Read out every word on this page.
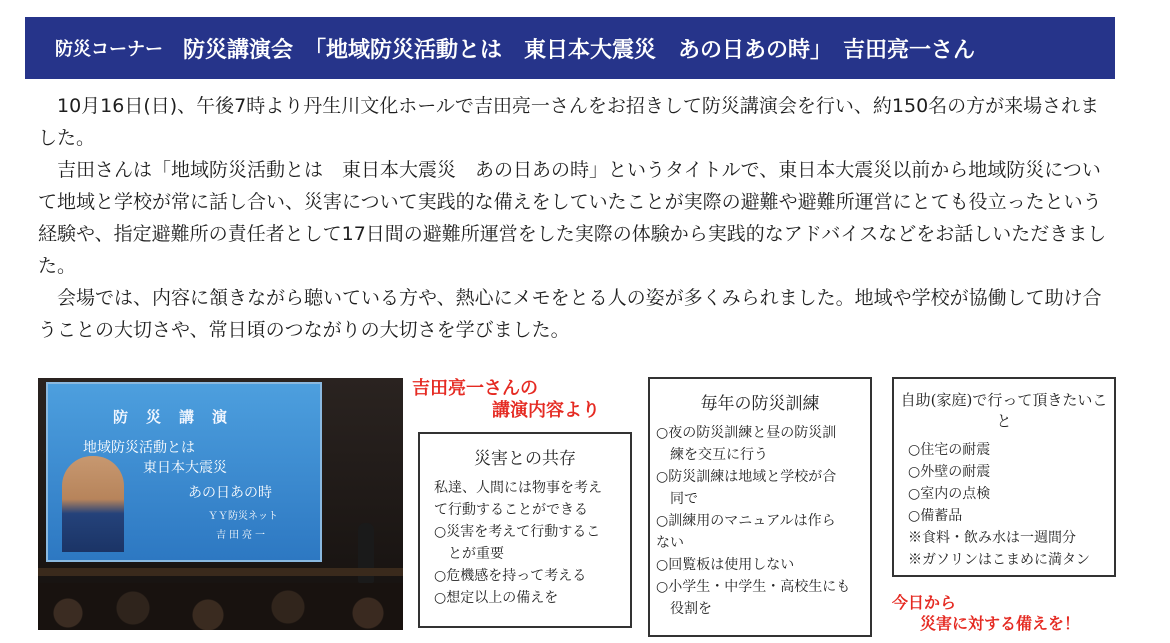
防災コーナー 防災講演会　「地域防災活動とは　東日本大震災　あの日あの時」　吉田亮一さん

10月16日(日)、午後7時より丹生川文化ホールで吉田亮一さんをお招きして防災講演会を行い、約150名の方が来場されました。

吉田さんは「地域防災活動とは　東日本大震災　あの日あの時」というタイトルで、東日本大震災以前から地域防災について地域と学校が常に話し合い、災害について実践的な備えをしていたことが実際の避難や避難所運営にとても役立ったという経験や、指定避難所の責任者として17日間の避難所運営をした実際の体験から実践的なアドバイスなどをお話しいただきました。

会場では、内容に頷きながら聴いている方や、熱心にメモをとる人の姿が多くみられました。地域や学校が協働して助け合うことの大切さや、常日頃のつながりの大切さを学びました。

防災講演
地域防災活動とは
東日本大震災
あの日あの時
ＹＹ防災ネット
吉田亮一
吉田亮一さんの
講演内容より
災害との共存
私達、人間には物事を考え
て行動することができる
○災害を考えて行動するこ
　とが重要
○危機感を持って考える
○想定以上の備えを
毎年の防災訓練
○夜の防災訓練と昼の防災訓
　練を交互に行う
○防災訓練は地域と学校が合
　同で
○訓練用のマニュアルは作ら
ない
○回覧板は使用しない
○小学生・中学生・高校生にも
　役割を
自助(家庭)で行って頂きたいこと
○住宅の耐震
○外壁の耐震
○室内の点検
○備蓄品
※食料・飲み水は一週間分
※ガソリンはこまめに満タン
今日から
災害に対する備えを！
